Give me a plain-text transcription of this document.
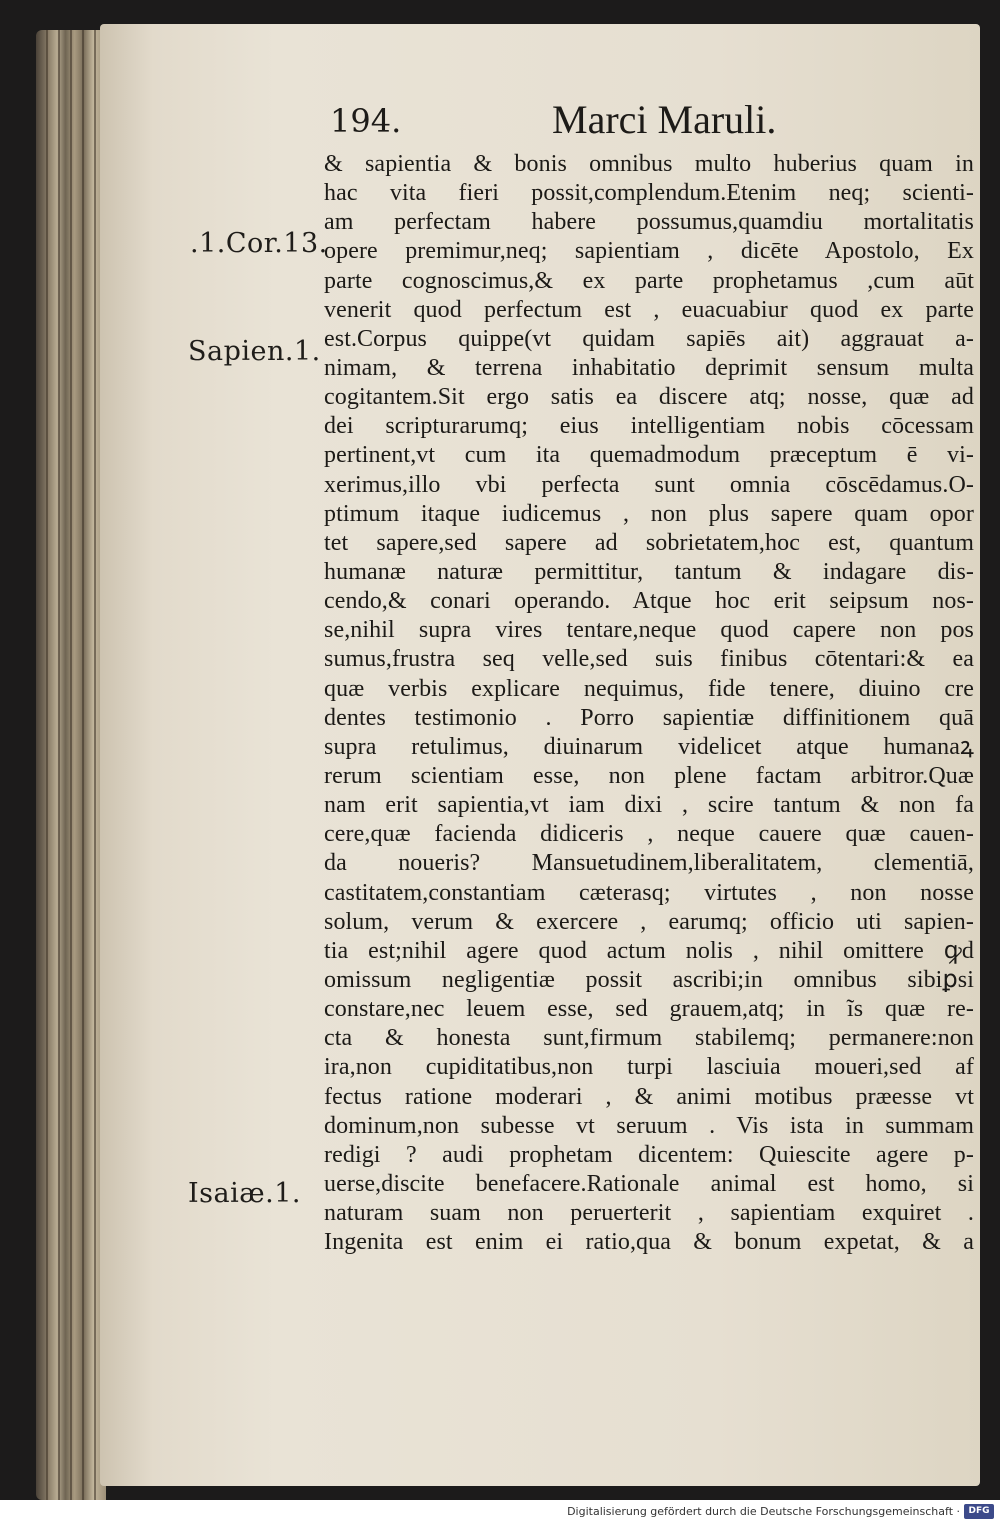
194.	Marci Maruli.
.1.Cor.13.
Sapien.1.
Isaiæ.1.
& sapientia & bonis omnibus multo huberius quam in
hac vita fieri possit,complendum.Etenim neq; scienti-
am perfectam habere possumus,quamdiu mortalitatis
opere premimur,neq; sapientiam , dicēte Apostolo, Ex
parte cognoscimus,& ex parte prophetamus ,cum aūt
venerit quod perfectum est , euacuabiur quod ex parte
est.Corpus quippe(vt quidam sapiēs ait) aggrauat a-
nimam, & terrena inhabitatio deprimit sensum multa
cogitantem.Sit ergo satis ea discere atq; nosse, quæ ad
dei scripturarumq; eius intelligentiam nobis cōcessam
pertinent,vt cum ita quemadmodum præceptum ē vi-
xerimus,illo vbi perfecta sunt omnia cōscēdamus.O-
ptimum itaque iudicemus , non plus sapere quam opor
tet sapere,sed sapere ad sobrietatem,hoc est, quantum
humanæ naturæ permittitur, tantum & indagare dis-
cendo,& conari operando. Atque hoc erit seipsum nos-
se,nihil supra vires tentare,neque quod capere non pos
sumus,frustra seq velle,sed suis finibus cōtentari:& ea
quæ verbis explicare nequimus, fide tenere, diuino cre
dentes testimonio . Porro sapientiæ diffinitionem quā
supra retulimus, diuinarum videlicet atque humanaꝝ
rerum scientiam esse, non plene factam arbitror.Quæ
nam erit sapientia,vt iam dixi , scire tantum & non fa
cere,quæ facienda didiceris , neque cauere quæ cauen-
da noueris? Mansuetudinem,liberalitatem, clementiā,
castitatem,constantiam cæterasq; virtutes , non nosse
solum, verum & exercere , earumq; officio uti sapien-
tia est;nihil agere quod actum nolis , nihil omittere ꝙd
omissum negligentiæ possit ascribi;in omnibus sibiꝑsi
constare,nec leuem esse, sed grauem,atq; in ĩs quæ re-
cta & honesta sunt,firmum stabilemq; permanere:non
ira,non cupiditatibus,non turpi lasciuia moueri,sed af
fectus ratione moderari , & animi motibus præesse vt
dominum,non subesse vt seruum . Vis ista in summam
redigi ? audi prophetam dicentem: Quiescite agere p-
uerse,discite benefacere.Rationale animal est homo, si
naturam suam non peruerterit , sapientiam exquiret .
Ingenita est enim ei ratio,qua & bonum expetat, & a
Digitalisierung gefördert durch die Deutsche Forschungsgemeinschaft · DFG
